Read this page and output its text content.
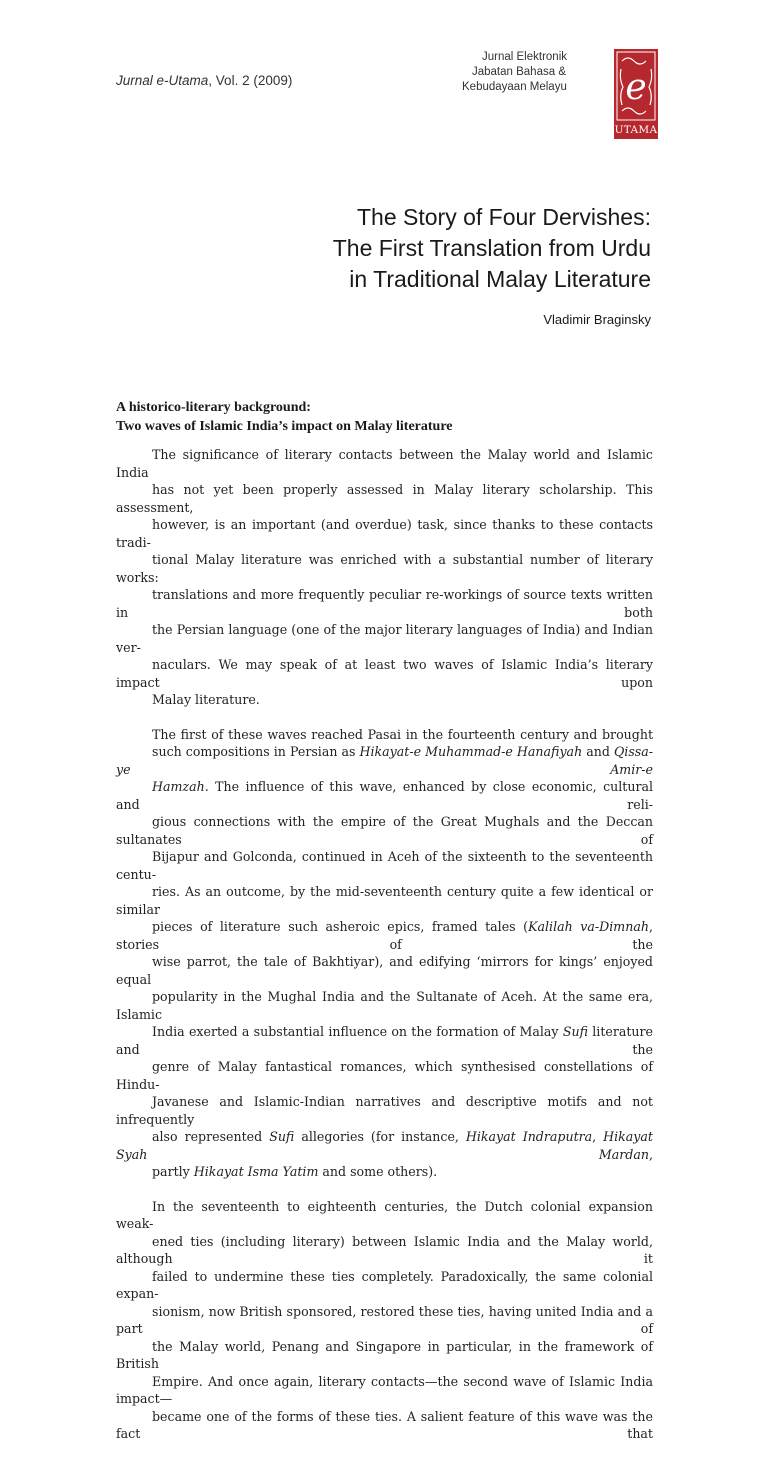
Jurnal e-Utama, Vol. 2 (2009)
Jurnal Elektronik
Jabatan Bahasa &
Kebudayaan Melayu	e
UTAMA
The Story of Four Dervishes:
The First Translation from Urdu
in Traditional Malay Literature
Vladimir Braginsky
A historico-literary background:
Two waves of Islamic India’s impact on Malay literature

The significance of literary contacts between the Malay world and Islamic India
has not yet been properly assessed in Malay literary scholarship. This assessment,
however, is an important (and overdue) task, since thanks to these contacts tradi-
tional Malay literature was enriched with a substantial number of literary works:
translations and more frequently peculiar re-workings of source texts written in both
the Persian language (one of the major literary languages of India) and Indian ver-
naculars. We may speak of at least two waves of Islamic India’s literary impact upon
Malay literature.

The first of these waves reached Pasai in the fourteenth century and brought
such compositions in Persian as Hikayat-e Muhammad-e Hanafiyah and Qissa-ye Amir-e
Hamzah. The influence of this wave, enhanced by close economic, cultural and reli-
gious connections with the empire of the Great Mughals and the Deccan sultanates of
Bijapur and Golconda, continued in Aceh of the sixteenth to the seventeenth centu-
ries. As an outcome, by the mid-seventeenth century quite a few identical or similar
pieces of literature such asheroic epics, framed tales (Kalilah va-Dimnah, stories of the
wise parrot, the tale of Bakhtiyar), and edifying ‘mirrors for kings’ enjoyed equal
popularity in the Mughal India and the Sultanate of Aceh. At the same era, Islamic
India exerted a substantial influence on the formation of Malay Sufi literature and the
genre of Malay fantastical romances, which synthesised constellations of Hindu-
Javanese and Islamic-Indian narratives and descriptive motifs and not infrequently
also represented Sufi allegories (for instance, Hikayat Indraputra, Hikayat Syah Mardan,
partly Hikayat Isma Yatim and some others).

In the seventeenth to eighteenth centuries, the Dutch colonial expansion weak-
ened ties (including literary) between Islamic India and the Malay world, although it
failed to undermine these ties completely. Paradoxically, the same colonial expan-
sionism, now British sponsored, restored these ties, having united India and a part of
the Malay world, Penang and Singapore in particular, in the framework of British
Empire. And once again, literary contacts—the second wave of Islamic India impact—
became one of the forms of these ties. A salient feature of this wave was the fact that
